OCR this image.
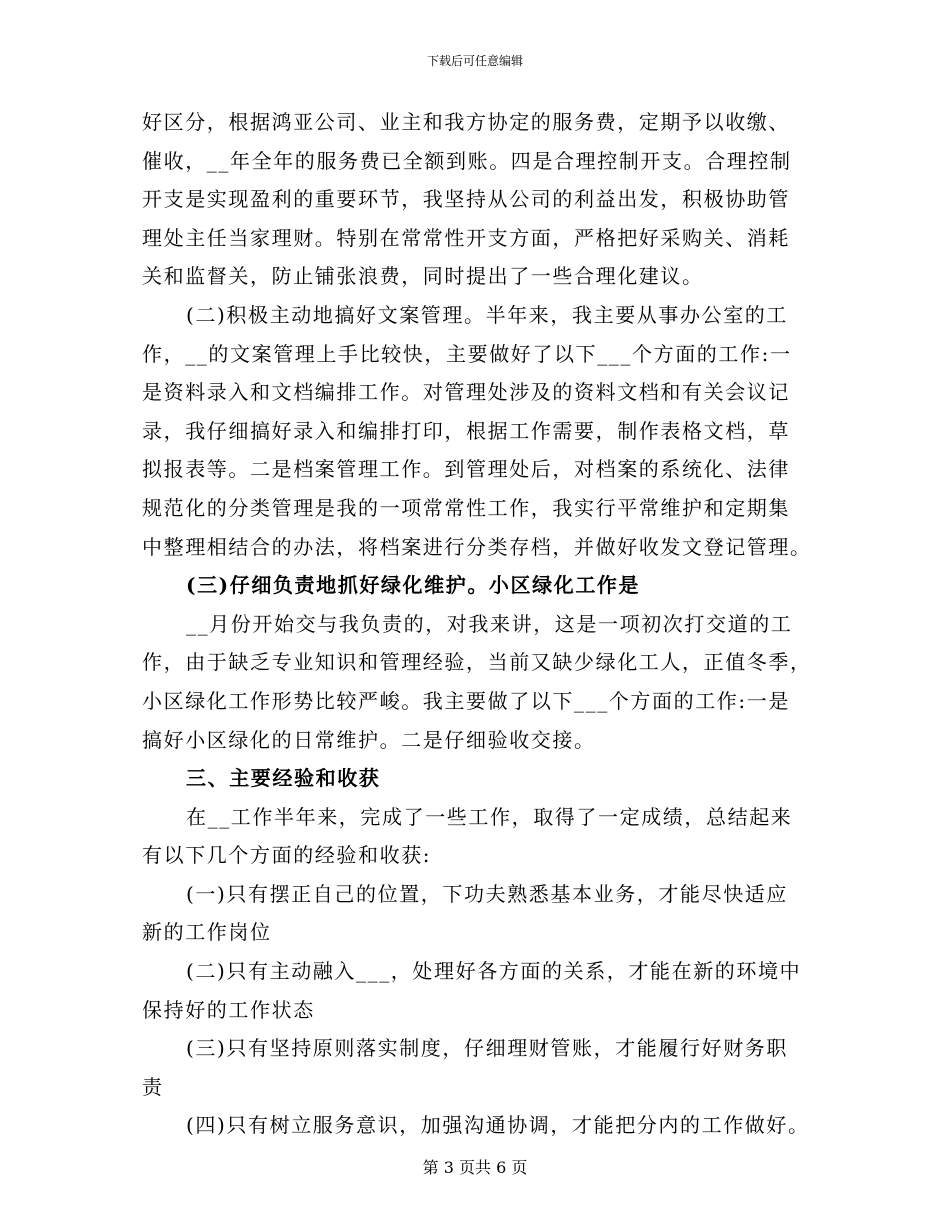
下载后可任意编辑
好区分，根据鸿亚公司、业主和我方协定的服务费，定期予以收缴、
催收，__年全年的服务费已全额到账。四是合理控制开支。合理控制
开支是实现盈利的重要环节，我坚持从公司的利益出发，积极协助管
理处主任当家理财。特别在常常性开支方面，严格把好采购关、消耗
关和监督关，防止铺张浪费，同时提出了一些合理化建议。
(二)积极主动地搞好文案管理。半年来，我主要从事办公室的工
作，__的文案管理上手比较快，主要做好了以下___个方面的工作:一
是资料录入和文档编排工作。对管理处涉及的资料文档和有关会议记
录，我仔细搞好录入和编排打印，根据工作需要，制作表格文档，草
拟报表等。二是档案管理工作。到管理处后，对档案的系统化、法律
规范化的分类管理是我的一项常常性工作，我实行平常维护和定期集
中整理相结合的办法，将档案进行分类存档，并做好收发文登记管理。
(三)仔细负责地抓好绿化维护。小区绿化工作是
__月份开始交与我负责的，对我来讲，这是一项初次打交道的工
作，由于缺乏专业知识和管理经验，当前又缺少绿化工人，正值冬季，
小区绿化工作形势比较严峻。我主要做了以下___个方面的工作:一是
搞好小区绿化的日常维护。二是仔细验收交接。
三、主要经验和收获
在__工作半年来，完成了一些工作，取得了一定成绩，总结起来
有以下几个方面的经验和收获:
(一)只有摆正自己的位置，下功夫熟悉基本业务，才能尽快适应
新的工作岗位
(二)只有主动融入___，处理好各方面的关系，才能在新的环境中
保持好的工作状态
(三)只有坚持原则落实制度，仔细理财管账，才能履行好财务职
责
(四)只有树立服务意识，加强沟通协调，才能把分内的工作做好。
第 3 页共 6 页
